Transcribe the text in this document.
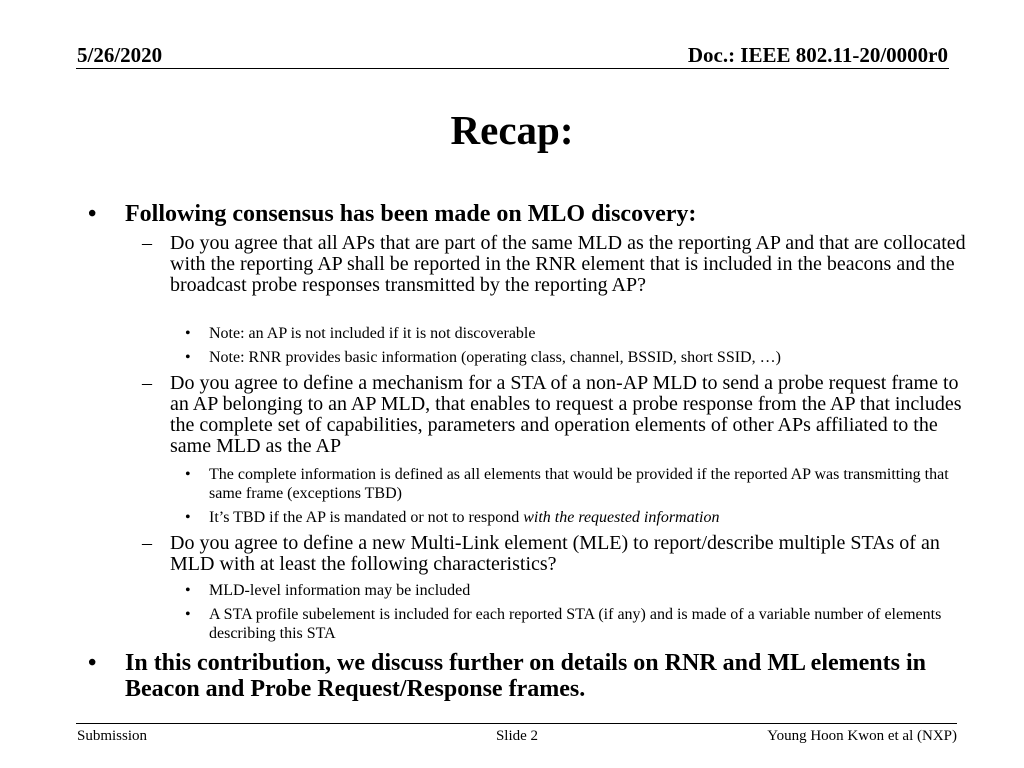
5/26/2020	Doc.: IEEE 802.11-20/0000r0
Recap:
• Following consensus has been made on MLO discovery:
– Do you agree that all APs that are part of the same MLD as the reporting AP and that are collocated with the reporting AP shall be reported in the RNR element that is included in the beacons and the broadcast probe responses transmitted by the reporting AP?
• Note: an AP is not included if it is not discoverable
• Note: RNR provides basic information (operating class, channel, BSSID, short SSID, …)
– Do you agree to define a mechanism for a STA of a non-AP MLD to send a probe request frame to an AP belonging to an AP MLD, that enables to request a probe response from the AP that includes the complete set of capabilities, parameters and operation elements of other APs affiliated to the same MLD as the AP
• The complete information is defined as all elements that would be provided if the reported AP was transmitting that same frame (exceptions TBD)
• It’s TBD if the AP is mandated or not to respond with the requested information
– Do you agree to define a new Multi-Link element (MLE) to report/describe multiple STAs of an MLD with at least the following characteristics?
• MLD-level information may be included
• A STA profile subelement is included for each reported STA (if any) and is made of a variable number of elements describing this STA
• In this contribution, we discuss further on details on RNR and ML elements in Beacon and Probe Request/Response frames.
Submission	Slide 2	Young Hoon Kwon et al (NXP)
